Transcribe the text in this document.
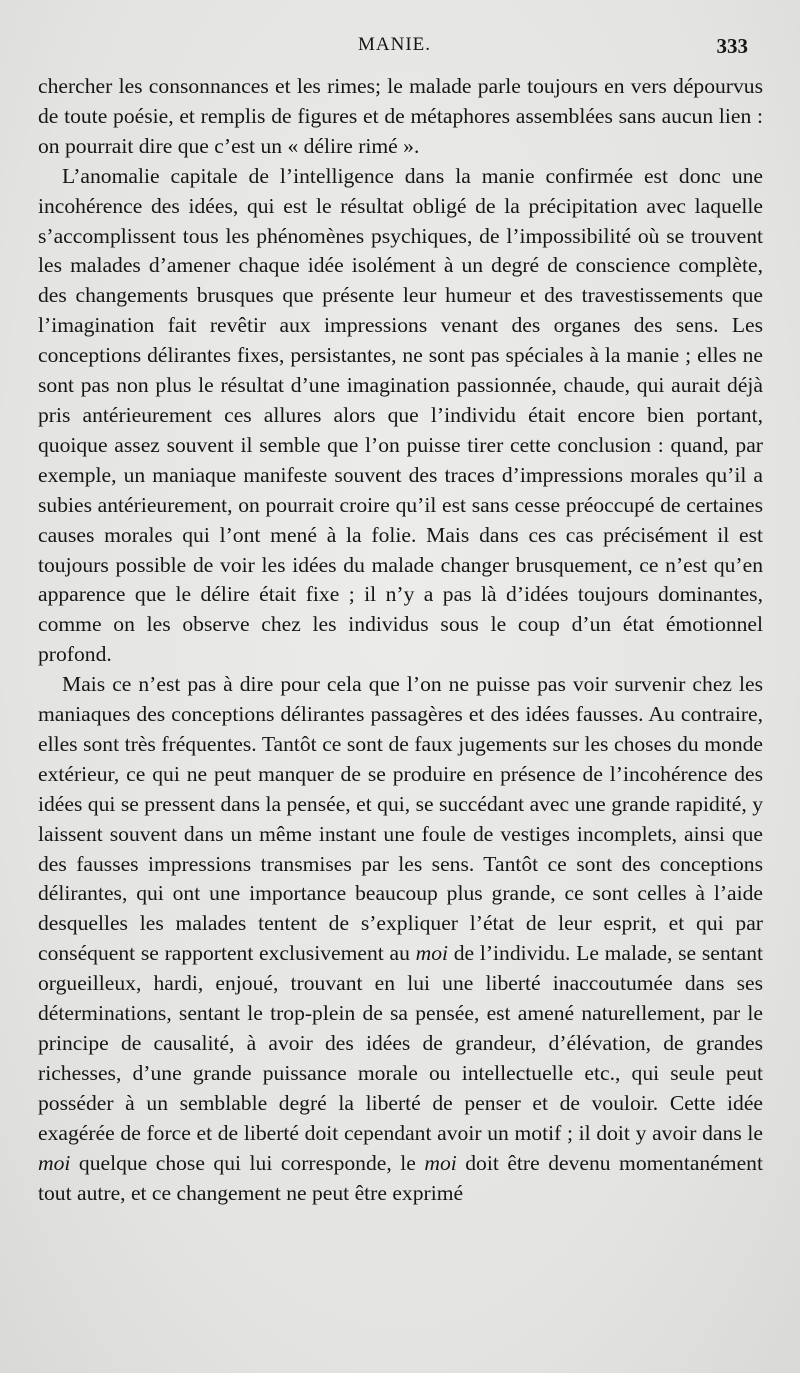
MANIE.	333

chercher les consonnances et les rimes; le malade parle toujours en vers dépourvus de toute poésie, et remplis de figures et de métaphores assemblées sans aucun lien : on pourrait dire que c’est un « délire rimé ».

L’anomalie capitale de l’intelligence dans la manie confirmée est donc une incohérence des idées, qui est le résultat obligé de la précipitation avec laquelle s’accomplissent tous les phénomènes psychiques, de l’impossibilité où se trouvent les malades d’amener chaque idée isolément à un degré de conscience complète, des changements brusques que présente leur humeur et des travestissements que l’imagination fait revêtir aux impressions venant des organes des sens. Les conceptions délirantes fixes, persistantes, ne sont pas spéciales à la manie ; elles ne sont pas non plus le résultat d’une imagination passionnée, chaude, qui aurait déjà pris antérieurement ces allures alors que l’individu était encore bien portant, quoique assez souvent il semble que l’on puisse tirer cette conclusion : quand, par exemple, un maniaque manifeste souvent des traces d’impressions morales qu’il a subies antérieurement, on pourrait croire qu’il est sans cesse préoccupé de certaines causes morales qui l’ont mené à la folie. Mais dans ces cas précisément il est toujours possible de voir les idées du malade changer brusquement, ce n’est qu’en apparence que le délire était fixe ; il n’y a pas là d’idées toujours dominantes, comme on les observe chez les individus sous le coup d’un état émotionnel profond.

Mais ce n’est pas à dire pour cela que l’on ne puisse pas voir survenir chez les maniaques des conceptions délirantes passagères et des idées fausses. Au contraire, elles sont très fréquentes. Tantôt ce sont de faux jugements sur les choses du monde extérieur, ce qui ne peut manquer de se produire en présence de l’incohérence des idées qui se pressent dans la pensée, et qui, se succédant avec une grande rapidité, y laissent souvent dans un même instant une foule de vestiges incomplets, ainsi que des fausses impressions transmises par les sens. Tantôt ce sont des conceptions délirantes, qui ont une importance beaucoup plus grande, ce sont celles à l’aide desquelles les malades tentent de s’expliquer l’état de leur esprit, et qui par conséquent se rapportent exclusivement au moi de l’individu. Le malade, se sentant orgueilleux, hardi, enjoué, trouvant en lui une liberté inaccoutumée dans ses déterminations, sentant le trop-plein de sa pensée, est amené naturellement, par le principe de causalité, à avoir des idées de grandeur, d’élévation, de grandes richesses, d’une grande puissance morale ou intellectuelle etc., qui seule peut posséder à un semblable degré la liberté de penser et de vouloir. Cette idée exagérée de force et de liberté doit cependant avoir un motif ; il doit y avoir dans le moi quelque chose qui lui corresponde, le moi doit être devenu momentanément tout autre, et ce changement ne peut être exprimé
